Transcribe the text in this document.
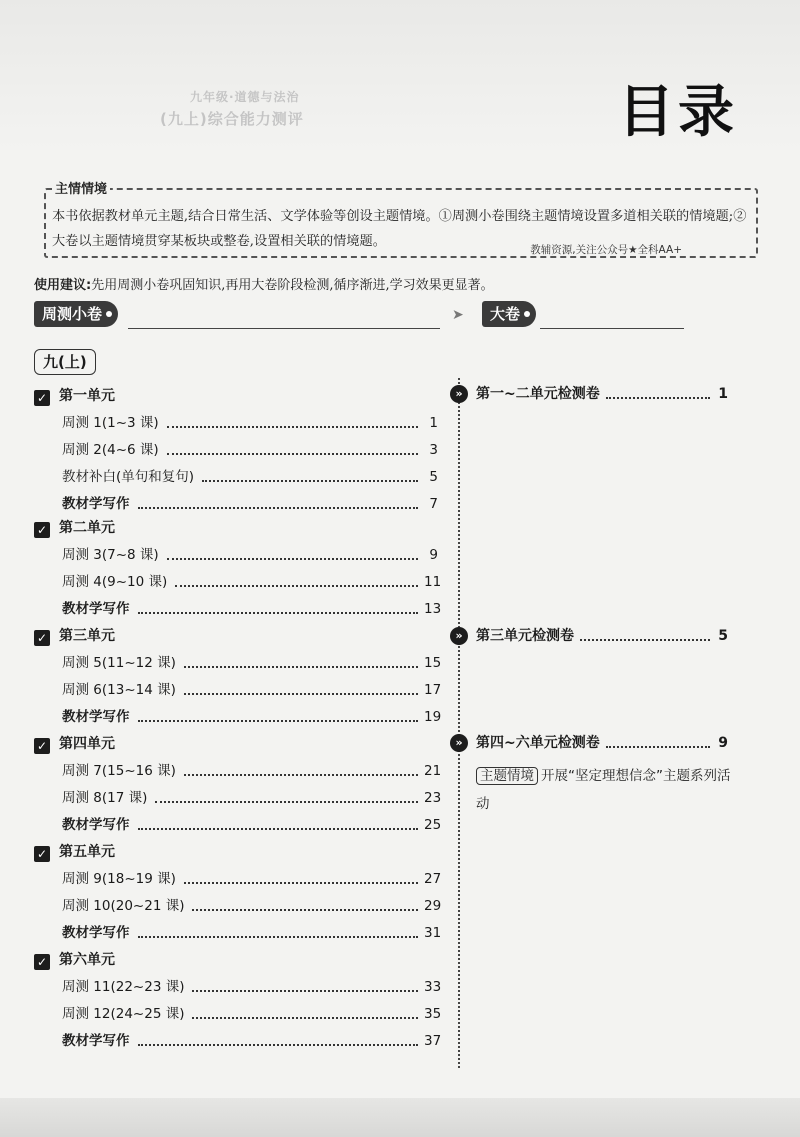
九年级·道德与法治
(九上)综合能力测评	目录
主情情境
本书依据教材单元主题,结合日常生活、文学体验等创设主题情境。①周测小卷围绕主题情境设置多道相关联的情境题;②大卷以主题情境贯穿某板块或整卷,设置相关联的情境题。
教辅资源,关注公众号★全科AA+
使用建议:先用周测小卷巩固知识,再用大卷阶段检测,循序渐进,学习效果更显著。
周测小卷	➤	大卷
九(上)
✓ 第一单元
周测 1(1~3 课)	1
周测 2(4~6 课)	3
教材补白(单句和复句)	5
教材学写作	7
✓ 第二单元
周测 3(7~8 课)	9
周测 4(9~10 课)	11
教材学写作	13
✓ 第三单元
周测 5(11~12 课)	15
周测 6(13~14 课)	17
教材学写作	19
✓ 第四单元
周测 7(15~16 课)	21
周测 8(17 课)	23
教材学写作	25
✓ 第五单元
周测 9(18~19 课)	27
周测 10(20~21 课)	29
教材学写作	31
✓ 第六单元
周测 11(22~23 课)	33
周测 12(24~25 课)	35
教材学写作	37
» 第一~二单元检测卷	1
» 第三单元检测卷	5
» 第四~六单元检测卷	9
主题情境 开展“坚定理想信念”主题系列活动
